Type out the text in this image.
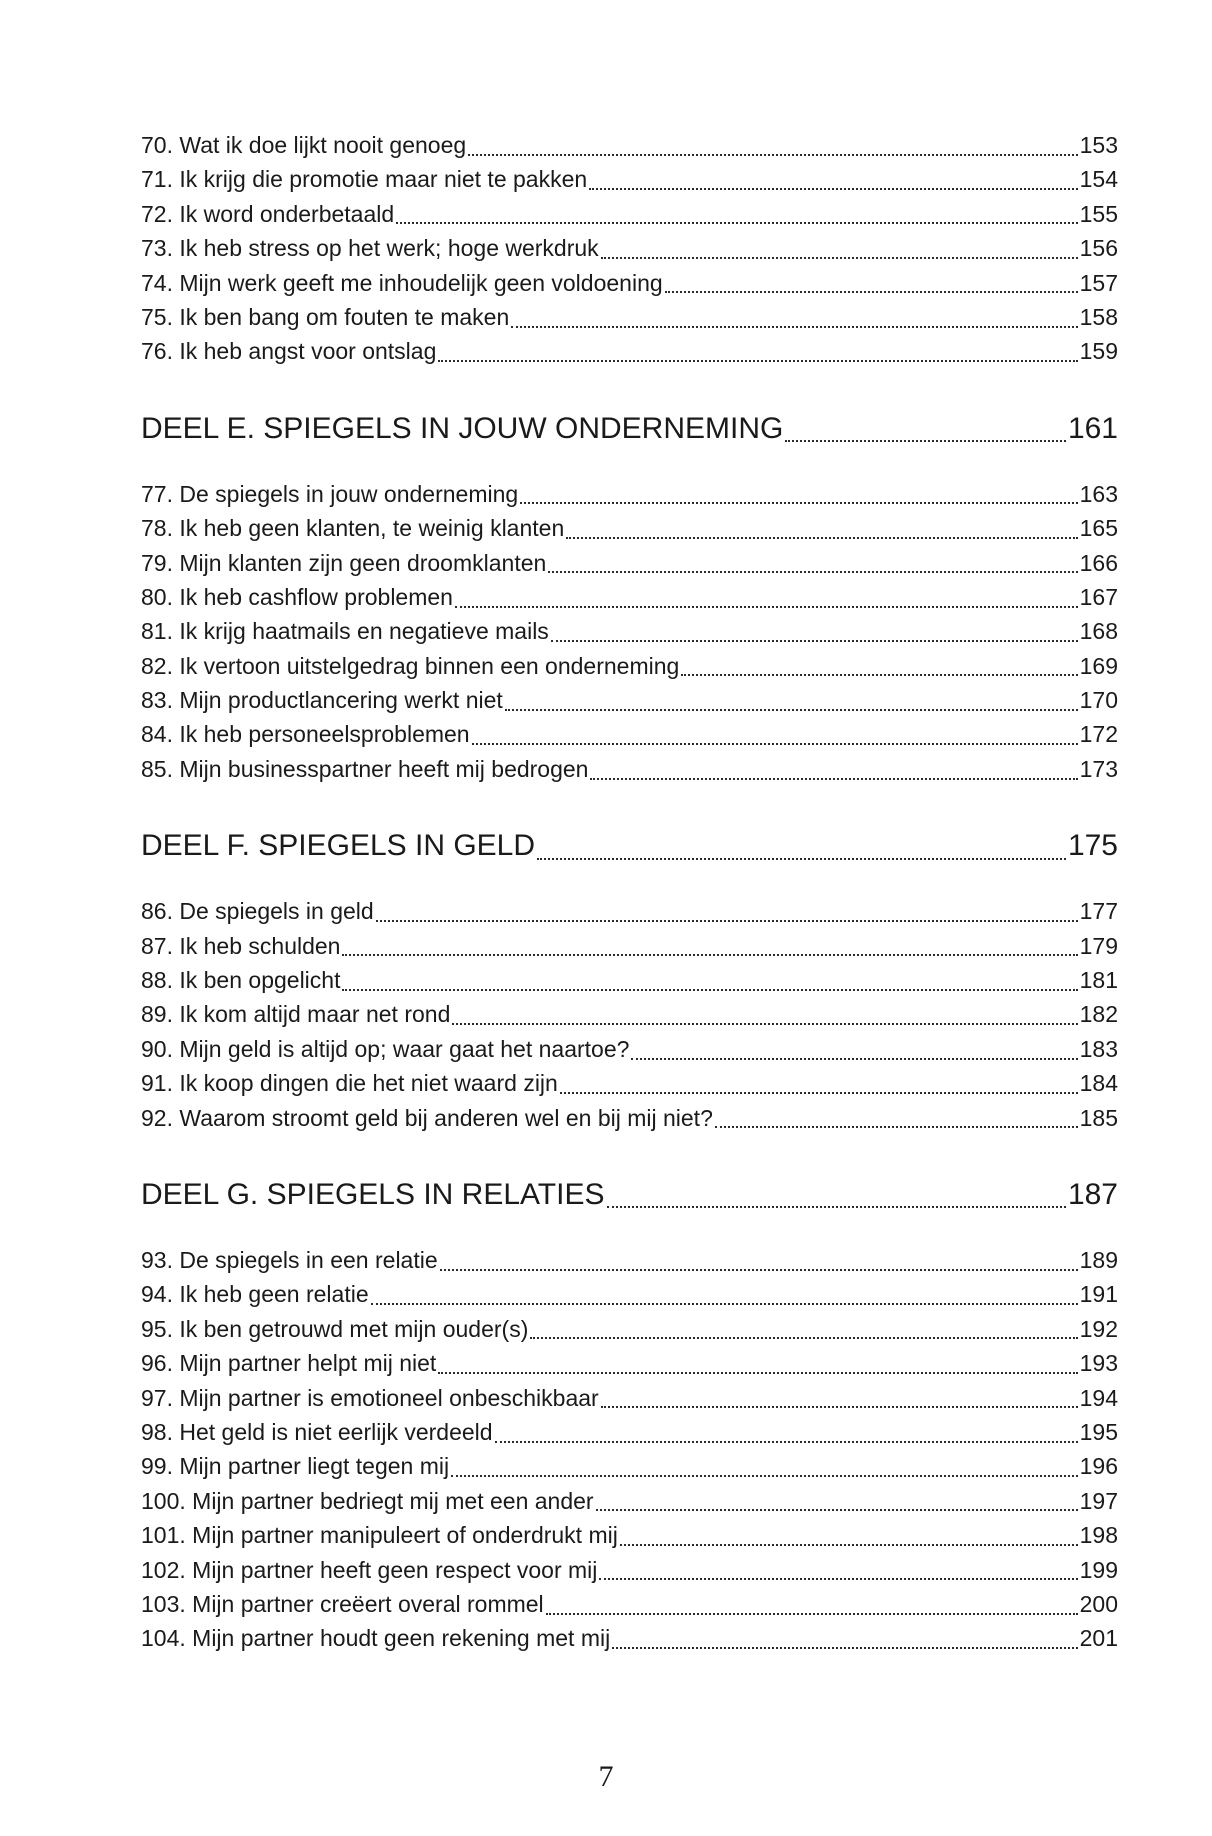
70. Wat ik doe lijkt nooit genoeg	153
71. Ik krijg die promotie maar niet te pakken	154
72. Ik word onderbetaald	155
73. Ik heb stress op het werk; hoge werkdruk	156
74. Mijn werk geeft me inhoudelijk geen voldoening	157
75. Ik ben bang om fouten te maken	158
76. Ik heb angst voor ontslag	159
DEEL E. SPIEGELS IN JOUW ONDERNEMING	161
77. De spiegels in jouw onderneming	163
78. Ik heb geen klanten, te weinig klanten	165
79. Mijn klanten zijn geen droomklanten	166
80. Ik heb cashflow problemen	167
81. Ik krijg haatmails en negatieve mails	168
82. Ik vertoon uitstelgedrag binnen een onderneming	169
83. Mijn productlancering werkt niet	170
84. Ik heb personeelsproblemen	172
85. Mijn businesspartner heeft mij bedrogen	173
DEEL F. SPIEGELS IN GELD	175
86. De spiegels in geld	177
87. Ik heb schulden	179
88. Ik ben opgelicht	181
89. Ik kom altijd maar net rond	182
90. Mijn geld is altijd op; waar gaat het naartoe?	183
91. Ik koop dingen die het niet waard zijn	184
92. Waarom stroomt geld bij anderen wel en bij mij niet?	185
DEEL G. SPIEGELS IN RELATIES	187
93. De spiegels in een relatie	189
94. Ik heb geen relatie	191
95. Ik ben getrouwd met mijn ouder(s)	192
96. Mijn partner helpt mij niet	193
97. Mijn partner is emotioneel onbeschikbaar	194
98. Het geld is niet eerlijk verdeeld	195
99. Mijn partner liegt tegen mij	196
100. Mijn partner bedriegt mij met een ander	197
101. Mijn partner manipuleert of onderdrukt mij	198
102. Mijn partner heeft geen respect voor mij	199
103. Mijn partner creëert overal rommel	200
104. Mijn partner houdt geen rekening met mij	201
7
